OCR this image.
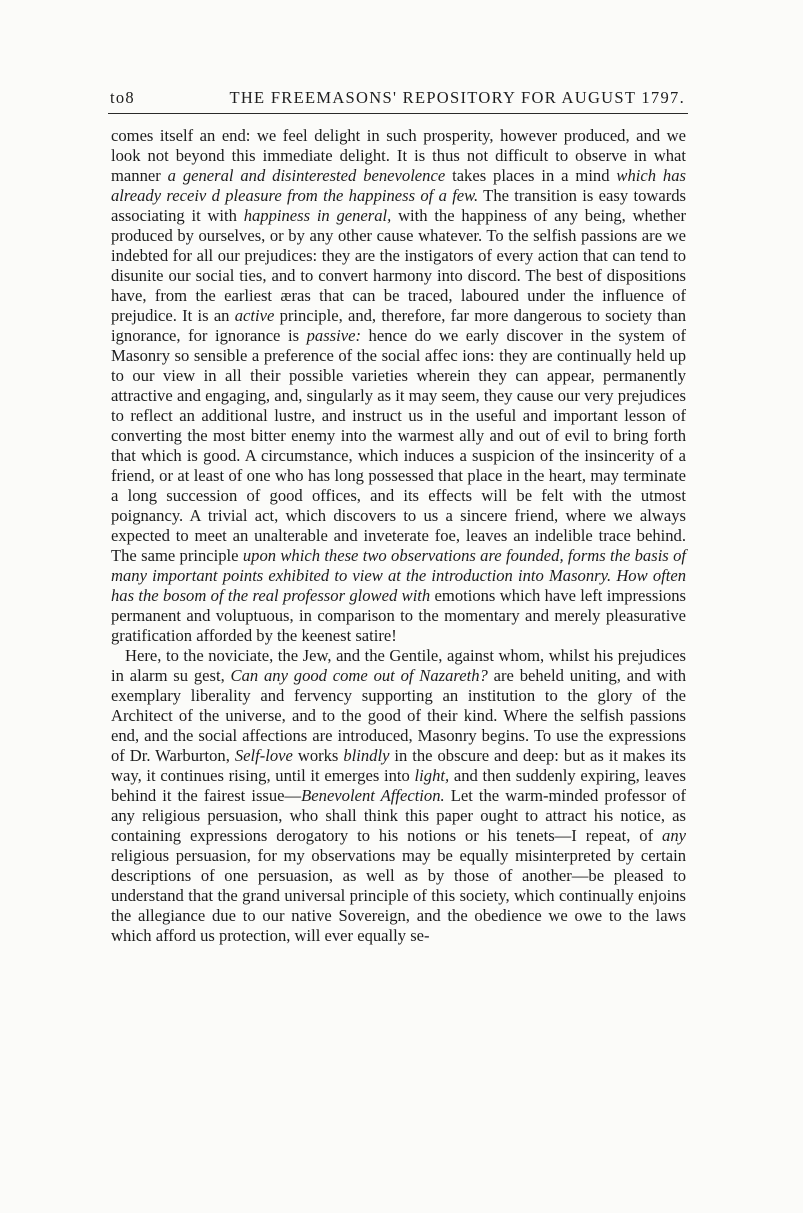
to8	THE FREEMASONS' REPOSITORY FOR AUGUST 1797.

comes itself an end: we feel delight in such prosperity, however produced, and we look not beyond this immediate delight. It is thus not difficult to observe in what manner a general and disinterested benevolence takes places in a mind which has already receiv d pleasure from the happiness of a few. The transition is easy towards associating it with happiness in general, with the happiness of any being, whether produced by ourselves, or by any other cause whatever. To the selfish passions are we indebted for all our prejudices: they are the instigators of every action that can tend to disunite our social ties, and to convert harmony into discord. The best of dispositions have, from the earliest æras that can be traced, laboured under the influence of prejudice. It is an active principle, and, therefore, far more dangerous to society than ignorance, for ignorance is passive: hence do we early discover in the system of Masonry so sensible a preference of the social affec ions: they are continually held up to our view in all their possible varieties wherein they can appear, permanently attractive and engaging, and, singularly as it may seem, they cause our very prejudices to reflect an additional lustre, and instruct us in the useful and important lesson of converting the most bitter enemy into the warmest ally and out of evil to bring forth that which is good. A circumstance, which induces a suspicion of the insincerity of a friend, or at least of one who has long possessed that place in the heart, may terminate a long succession of good offices, and its effects will be felt with the utmost poignancy. A trivial act, which discovers to us a sincere friend, where we always expected to meet an unalterable and inveterate foe, leaves an indelible trace behind. The same principle upon which these two observations are founded, forms the basis of many important points exhibited to view at the introduction into Masonry. How often has the bosom of the real professor glowed with emotions which have left impressions permanent and voluptuous, in comparison to the momentary and merely pleasurative gratification afforded by the keenest satire!

Here, to the noviciate, the Jew, and the Gentile, against whom, whilst his prejudices in alarm su gest, Can any good come out of Nazareth? are beheld uniting, and with exemplary liberality and fervency supporting an institution to the glory of the Architect of the universe, and to the good of their kind. Where the selfish passions end, and the social affections are introduced, Masonry begins. To use the expressions of Dr. Warburton, Self-love works blindly in the obscure and deep: but as it makes its way, it continues rising, until it emerges into light, and then suddenly expiring, leaves behind it the fairest issue—Benevolent Affection. Let the warm-minded professor of any religious persuasion, who shall think this paper ought to attract his notice, as containing expressions derogatory to his notions or his tenets—I repeat, of any religious persuasion, for my observations may be equally misinterpreted by certain descriptions of one persuasion, as well as by those of another—be pleased to understand that the grand universal principle of this society, which continually enjoins the allegiance due to our native Sovereign, and the obedience we owe to the laws which afford us protection, will ever equally se-
